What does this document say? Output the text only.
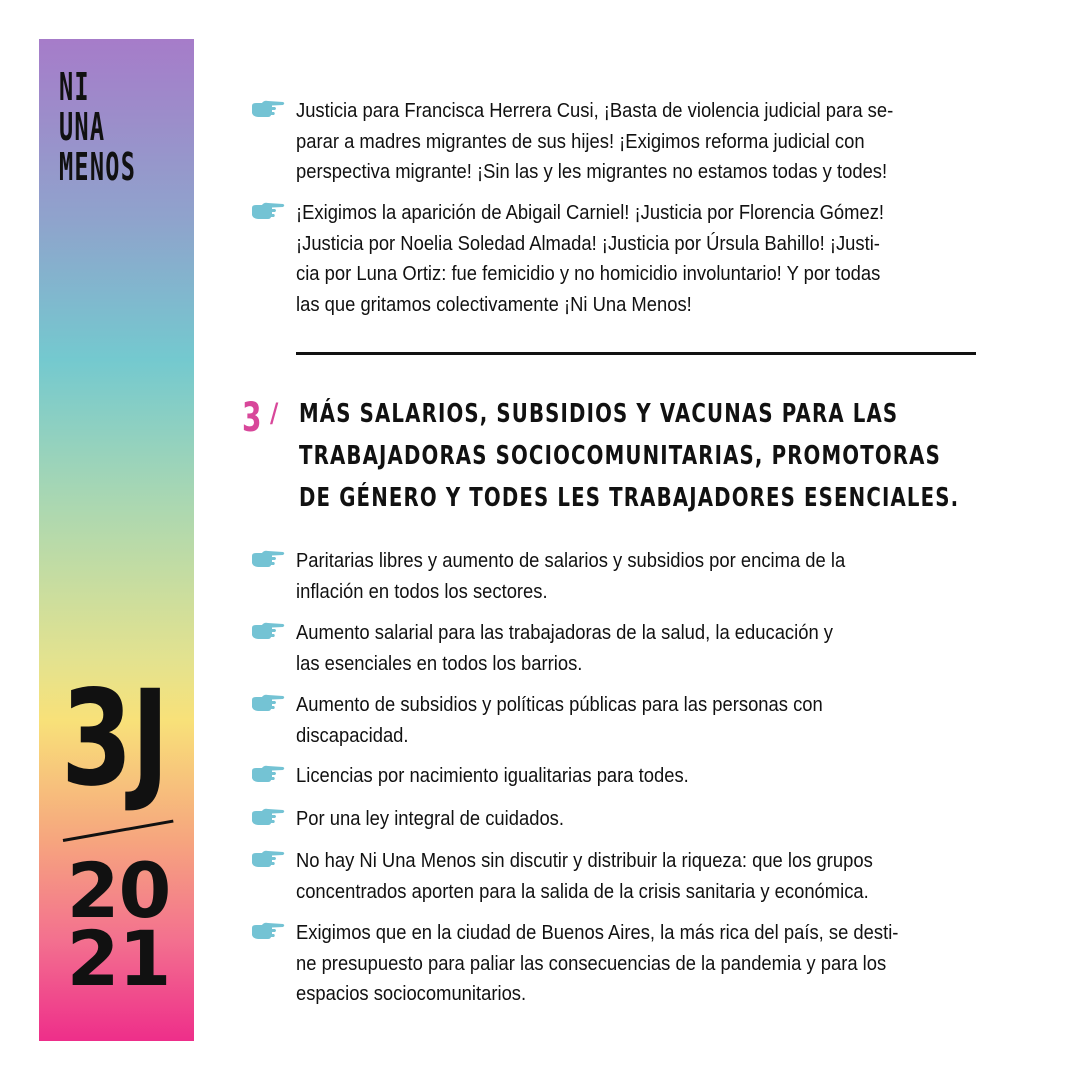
NI
UNA
MENOS
3J
20
21
Justicia para Francisca Herrera Cusi, ¡Basta de violencia judicial para se-
parar a madres migrantes de sus hijes! ¡Exigimos reforma judicial con
perspectiva migrante! ¡Sin las y les migrantes no estamos todas y todes!
¡Exigimos la aparición de Abigail Carniel! ¡Justicia por Florencia Gómez!
¡Justicia por Noelia Soledad Almada! ¡Justicia por Úrsula Bahillo! ¡Justi-
cia por Luna Ortiz: fue femicidio y no homicidio involuntario! Y por todas
las que gritamos colectivamente ¡Ni Una Menos!
3 / MÁS SALARIOS, SUBSIDIOS Y VACUNAS PARA LAS
TRABAJADORAS SOCIOCOMUNITARIAS, PROMOTORAS
DE GÉNERO Y TODES LES TRABAJADORES ESENCIALES.
Paritarias libres y aumento de salarios y subsidios por encima de la
inflación en todos los sectores.
Aumento salarial para las trabajadoras de la salud, la educación y
las esenciales en todos los barrios.
Aumento de subsidios y políticas públicas para las personas con
discapacidad.
Licencias por nacimiento igualitarias para todes.
Por una ley integral de cuidados.
No hay Ni Una Menos sin discutir y distribuir la riqueza: que los grupos
concentrados aporten para la salida de la crisis sanitaria y económica.
Exigimos que en la ciudad de Buenos Aires, la más rica del país, se desti-
ne presupuesto para paliar las consecuencias de la pandemia y para los
espacios sociocomunitarios.
